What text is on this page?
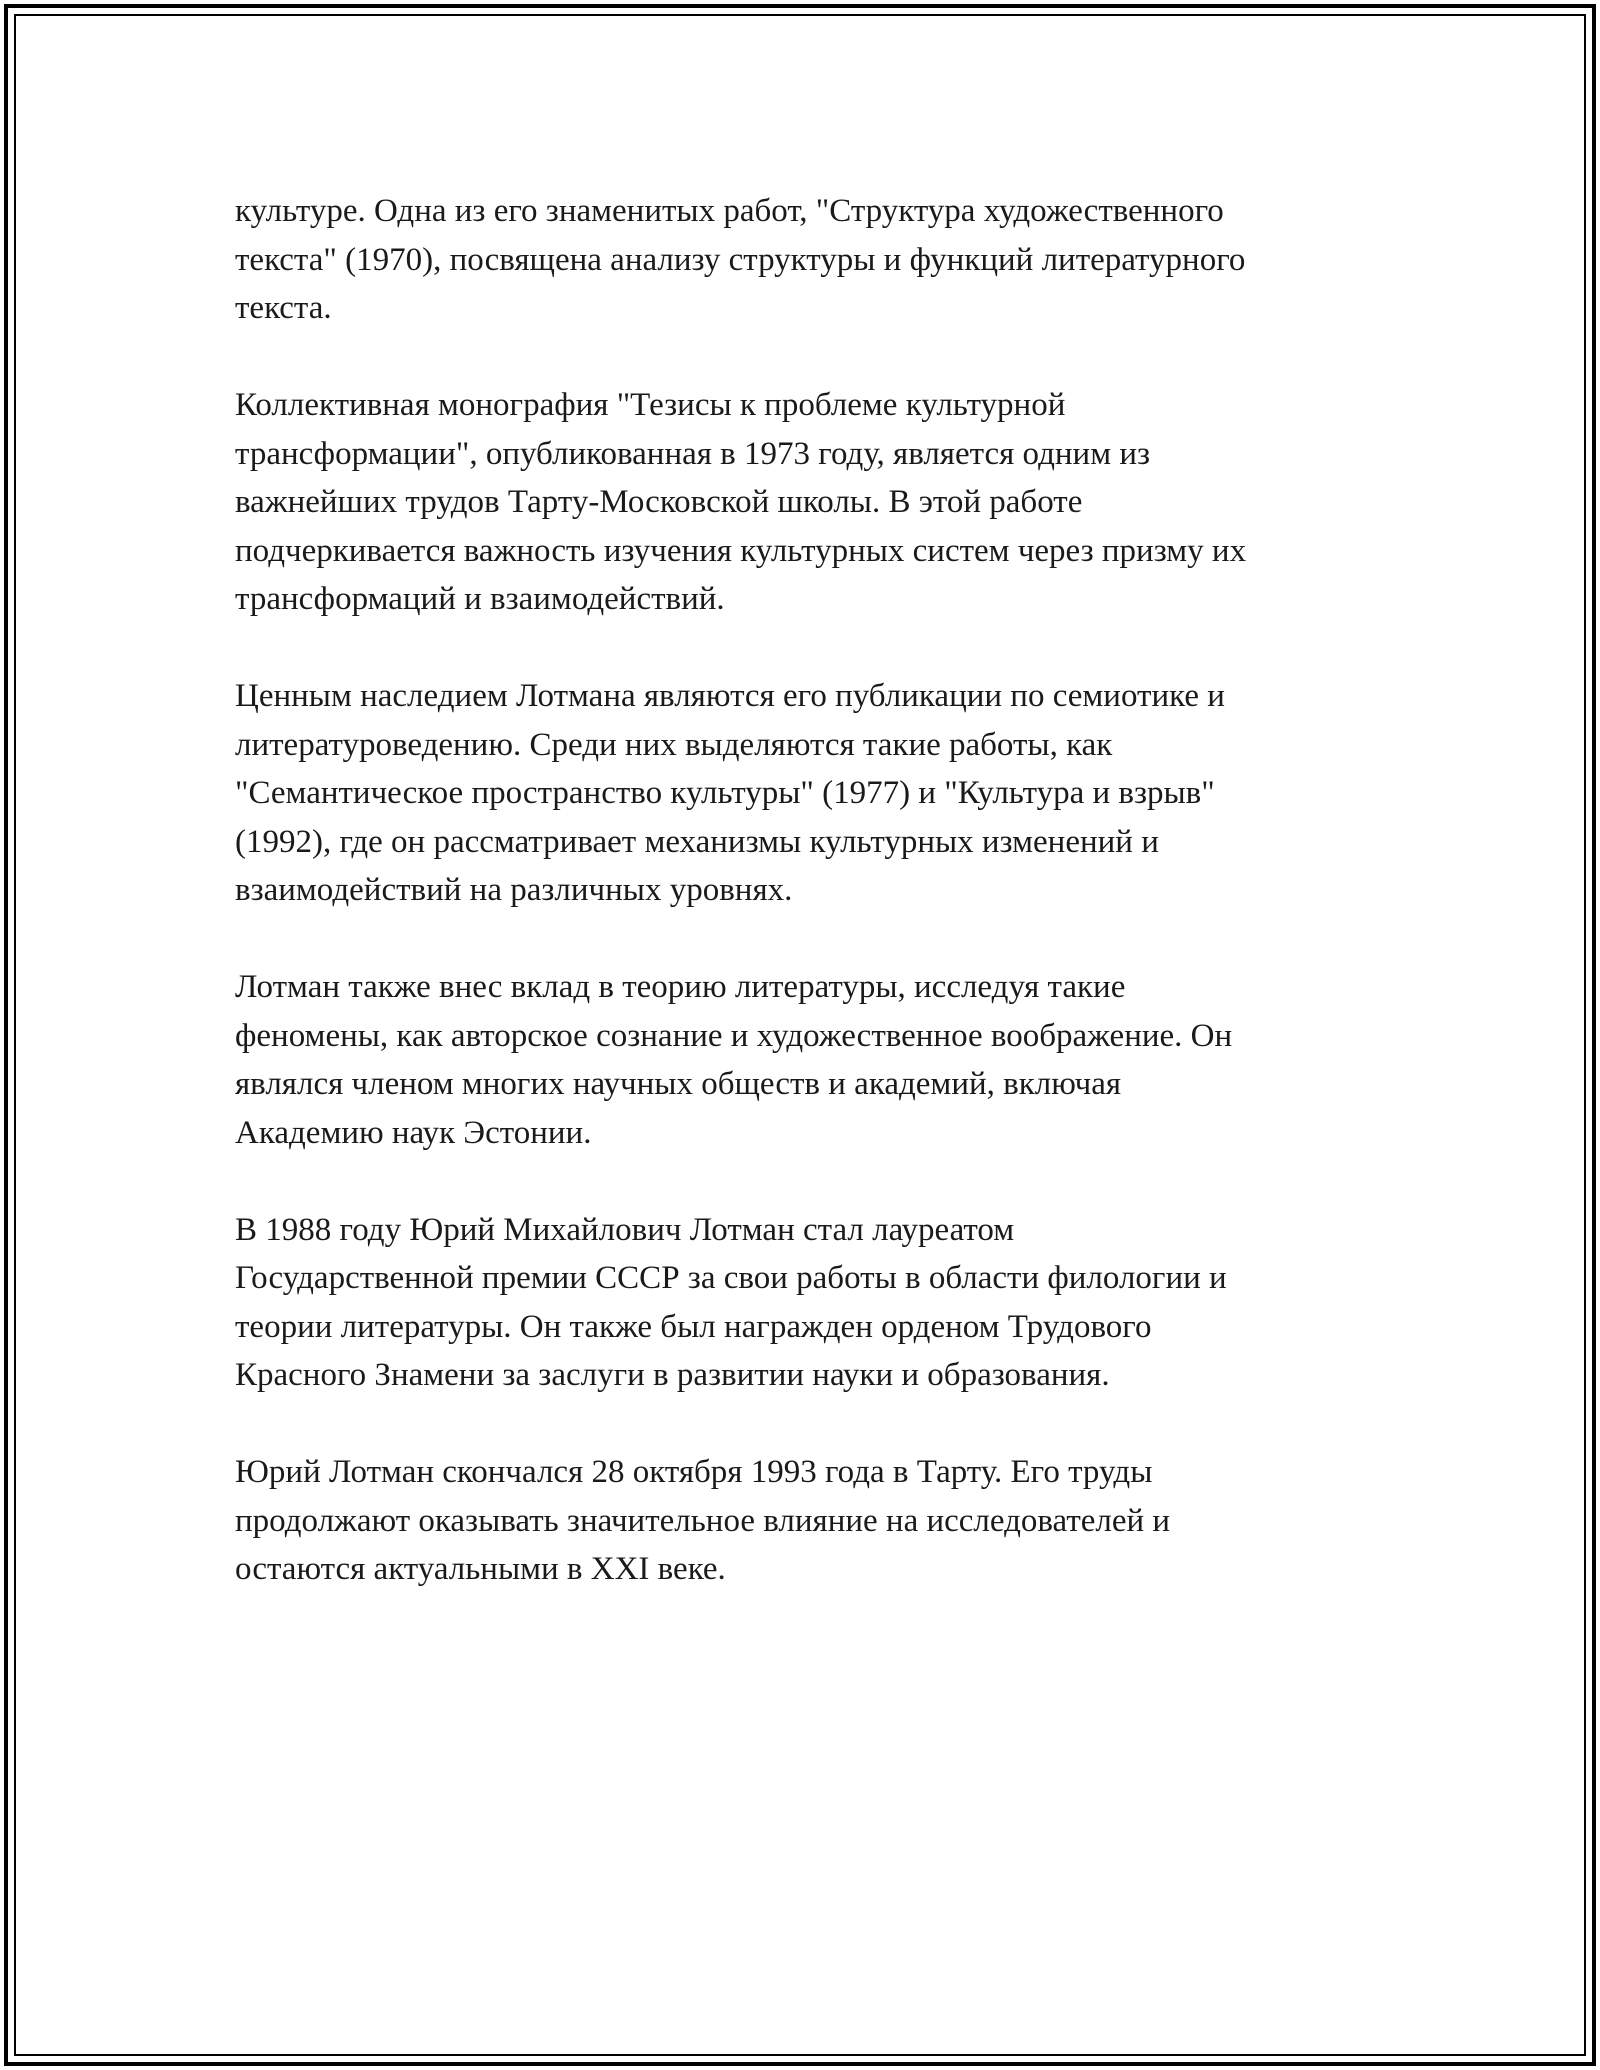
культуре. Одна из его знаменитых работ, "Структура художественного
текста" (1970), посвящена анализу структуры и функций литературного
текста.

Коллективная монография "Тезисы к проблеме культурной
трансформации", опубликованная в 1973 году, является одним из
важнейших трудов Тарту-Московской школы. В этой работе
подчеркивается важность изучения культурных систем через призму их
трансформаций и взаимодействий.

Ценным наследием Лотмана являются его публикации по семиотике и
литературоведению. Среди них выделяются такие работы, как
"Семантическое пространство культуры" (1977) и "Культура и взрыв"
(1992), где он рассматривает механизмы культурных изменений и
взаимодействий на различных уровнях.

Лотман также внес вклад в теорию литературы, исследуя такие
феномены, как авторское сознание и художественное воображение. Он
являлся членом многих научных обществ и академий, включая
Академию наук Эстонии.

В 1988 году Юрий Михайлович Лотман стал лауреатом
Государственной премии СССР за свои работы в области филологии и
теории литературы. Он также был награжден орденом Трудового
Красного Знамени за заслуги в развитии науки и образования.

Юрий Лотман скончался 28 октября 1993 года в Тарту. Его труды
продолжают оказывать значительное влияние на исследователей и
остаются актуальными в XXI веке.
